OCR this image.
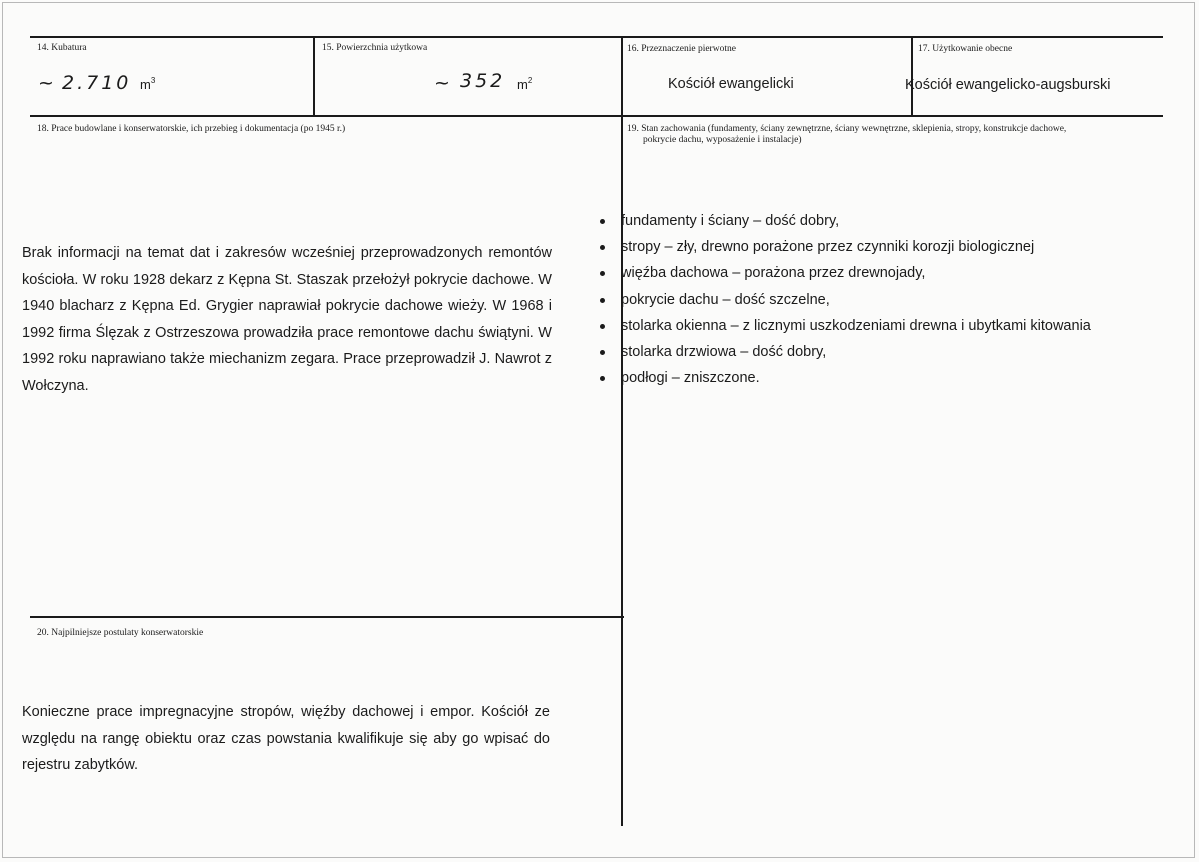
14. Kubatura
~ 2.710 $m^3$
15. Powierzchnia użytkowa
~ 352 $m^2$
16. Przeznaczenie pierwotne
Kościół ewangelicki
17. Użytkowanie obecne
Kościół ewangelicko-augsburski
18. Prace budowlane i konserwatorskie, ich przebieg i dokumentacja (po 1945 r.)
Brak informacji na temat dat i zakresów wcześniej przeprowadzonych remontów kościoła. W roku 1928 dekarz z Kępna St. Staszak przełożył pokrycie dachowe. W 1940 blacharz z Kępna Ed. Grygier naprawiał pokrycie dachowe wieży. W 1968 i 1992 firma Ślęzak z Ostrzeszowa prowadziła prace remontowe dachu świątyni. W 1992 roku naprawiano także miechanizm zegara. Prace przeprowadził J. Nawrot z Wołczyna.
19. Stan zachowania (fundamenty, ściany zewnętrzne, ściany wewnętrzne, sklepienia, stropy, konstrukcje dachowe,
pokrycie dachu, wyposażenie i instalacje)
fundamenty i ściany – dość dobry,
stropy – zły, drewno porażone przez czynniki korozji biologicznej
więźba dachowa – porażona przez drewnojady,
pokrycie dachu – dość szczelne,
stolarka okienna – z licznymi uszkodzeniami drewna i ubytkami kitowania
stolarka drzwiowa – dość dobry,
podłogi – zniszczone.
20. Najpilniejsze postulaty konserwatorskie
Konieczne prace impregnacyjne stropów, więźby dachowej i empor. Kościół ze względu na rangę obiektu oraz czas powstania kwalifikuje się aby go wpisać do rejestru zabytków.
